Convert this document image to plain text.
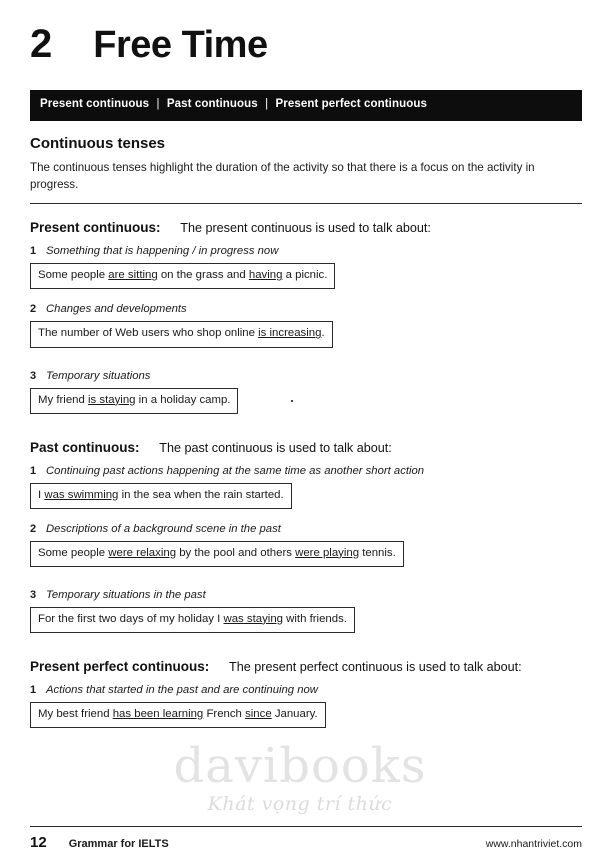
2 Free Time
Present continuous | Past continuous | Present perfect continuous
Continuous tenses

The continuous tenses highlight the duration of the activity so that there is a focus on the activity in progress.

Present continuous: The present continuous is used to talk about:
1 Something that is happening / in progress now
Some people are sitting on the grass and having a picnic.
2 Changes and developments
The number of Web users who shop online is increasing.
3 Temporary situations
My friend is staying in a holiday camp.
Past continuous: The past continuous is used to talk about:
1 Continuing past actions happening at the same time as another short action
I was swimming in the sea when the rain started.
2 Descriptions of a background scene in the past
Some people were relaxing by the pool and others were playing tennis.
3 Temporary situations in the past
For the first two days of my holiday I was staying with friends.
Present perfect continuous: The present perfect continuous is used to talk about:
1 Actions that started in the past and are continuing now
My best friend has been learning French since January.
davibooks
Khát vọng trí thức
12 Grammar for IELTS	www.nhantriviet.com
